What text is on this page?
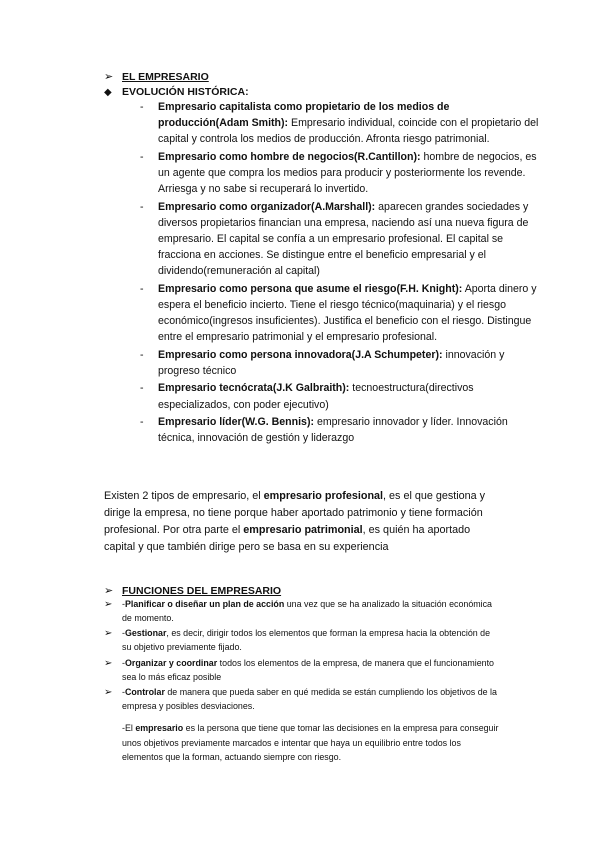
➢ EL EMPRESARIO
◆ EVOLUCIÓN HISTÓRICA:
- Empresario capitalista como propietario de los medios de producción(Adam Smith): Empresario individual, coincide con el propietario del capital y controla los medios de producción. Afronta riesgo patrimonial.
- Empresario como hombre de negocios(R.Cantillon): hombre de negocios, es un agente que compra los medios para producir y posteriormente los revende. Arriesga y no sabe si recuperará lo invertido.
- Empresario como organizador(A.Marshall): aparecen grandes sociedades y diversos propietarios financian una empresa, naciendo así una nueva figura de empresario. El capital se confía a un empresario profesional. El capital se fracciona en acciones. Se distingue entre el beneficio empresarial y el dividendo(remuneración al capital)
- Empresario como persona que asume el riesgo(F.H. Knight): Aporta dinero y espera el beneficio incierto. Tiene el riesgo técnico(maquinaria) y el riesgo económico(ingresos insuficientes). Justifica el beneficio con el riesgo. Distingue entre el empresario patrimonial y el empresario profesional.
- Empresario como persona innovadora(J.A Schumpeter): innovación y progreso técnico
- Empresario tecnócrata(J.K Galbraith): tecnoestructura(directivos especializados, con poder ejecutivo)
- Empresario líder(W.G. Bennis): empresario innovador y líder. Innovación técnica, innovación de gestión y liderazgo

Existen 2 tipos de empresario, el empresario profesional, es el que gestiona y dirige la empresa, no tiene porque haber aportado patrimonio y tiene formación profesional. Por otra parte el empresario patrimonial, es quién ha aportado capital y que también dirige pero se basa en su experiencia

➢ FUNCIONES DEL EMPRESARIO
➢ -Planificar o diseñar un plan de acción una vez que se ha analizado la situación económica de momento.
➢ -Gestionar, es decir, dirigir todos los elementos que forman la empresa hacia la obtención de su objetivo previamente fijado.
➢ -Organizar y coordinar todos los elementos de la empresa, de manera que el funcionamiento sea lo más eficaz posible
➢ -Controlar de manera que pueda saber en qué medida se están cumpliendo los objetivos de la empresa y posibles desviaciones.

-El empresario es la persona que tiene que tomar las decisiones en la empresa para conseguir unos objetivos previamente marcados e intentar que haya un equilibrio entre todos los elementos que la forman, actuando siempre con riesgo.
